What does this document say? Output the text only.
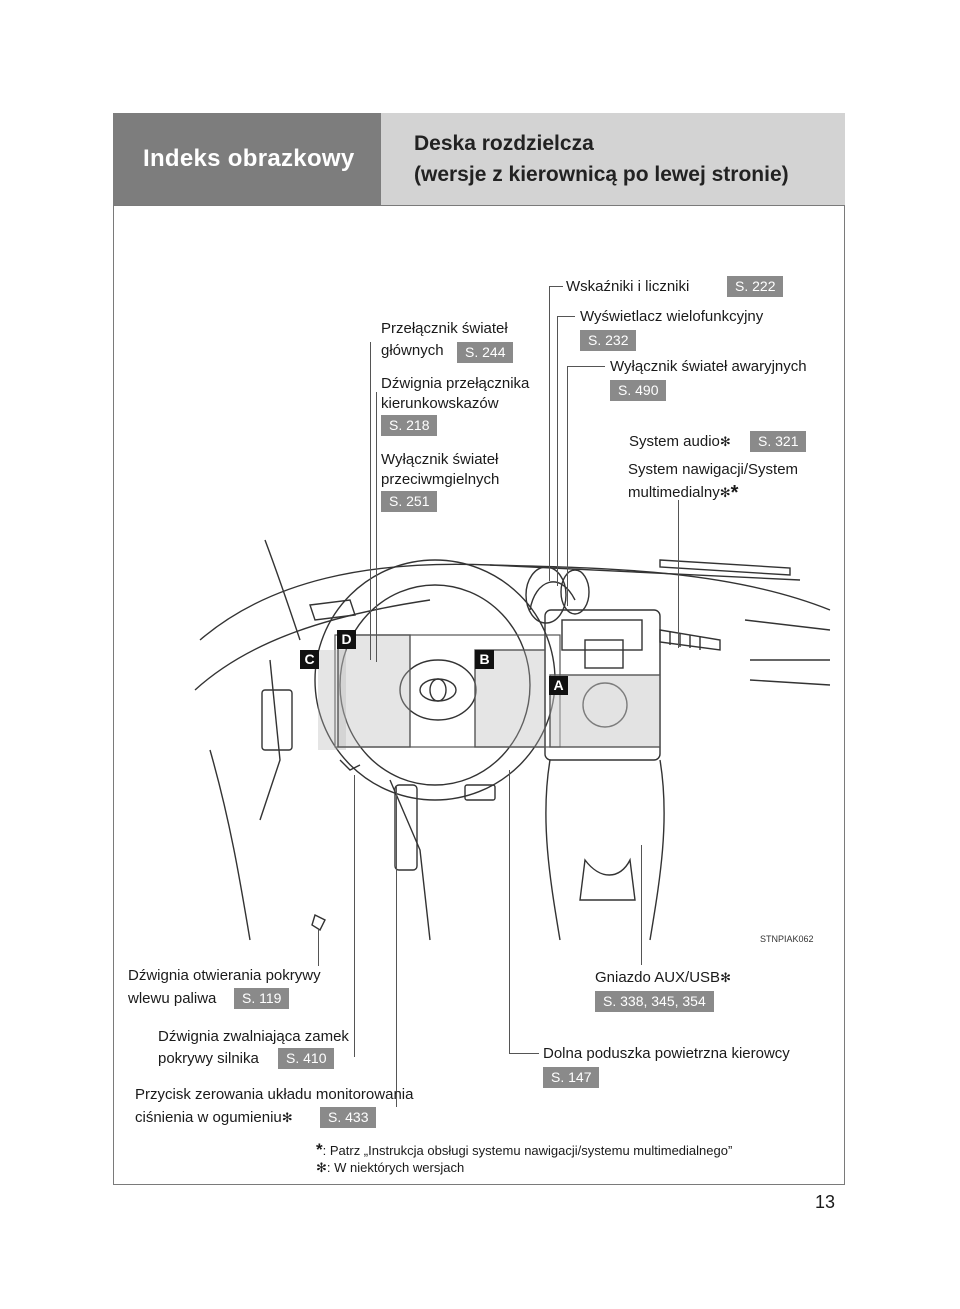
Indeks obrazkowy
Deska rozdzielcza
(wersje z kierownicą po lewej stronie)
D
C	B
A
STNPIAK062
Wskaźniki i liczniki	S. 222
Wyświetlacz wielofunkcyjny
S. 232
Przełącznik świateł
głównych	S. 244
Wyłącznik świateł awaryjnych
S. 490
Dźwignia przełącznika
kierunkowskazów
S. 218
System audio✻	S. 321
Wyłącznik świateł
przeciwmgielnych
S. 251
System nawigacji/System
multimedialny✻*
Dźwignia otwierania pokrywy
wlewu paliwa	S. 119
Gniazdo AUX/USB✻
S. 338, 345, 354
Dźwignia zwalniająca zamek
pokrywy silnika	S. 410	Dolna poduszka powietrzna kierowcy
S. 147
Przycisk zerowania układu monitorowania
ciśnienia w ogumieniu✻	S. 433
*: Patrz „Instrukcja obsługi systemu nawigacji/systemu multimedialnego”
✻: W niektórych wersjach
13
